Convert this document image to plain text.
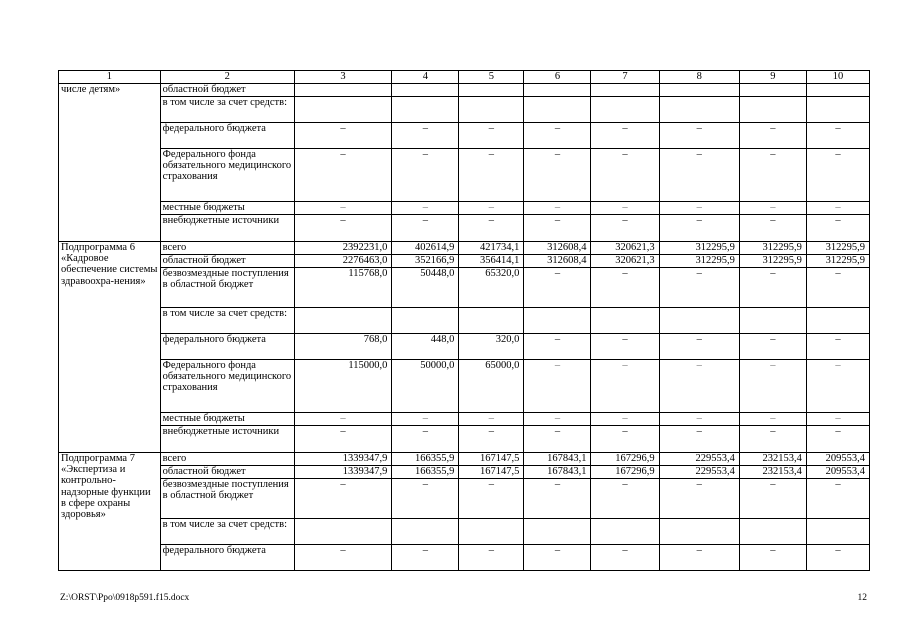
1	2	3	4	5	6	7	8	9	10
числе детям»	областной бюджет								
	в том числе за счет средств:								
	федерального бюджета	–	–	–	–	–	–	–	–
	Федерального фонда обязательного медицинского страхования	–	–	–	–	–	–	–	–
	местные бюджеты	–	–	–	–	–	–	–	–
	внебюджетные источники	–	–	–	–	–	–	–	–
Подпрограмма 6 «Кадровое обеспечение системы здравоохра-нения»	всего	2392231,0	402614,9	421734,1	312608,4	320621,3	312295,9	312295,9	312295,9
	областной бюджет	2276463,0	352166,9	356414,1	312608,4	320621,3	312295,9	312295,9	312295,9
	безвозмездные поступления в областной бюджет	115768,0	50448,0	65320,0	–	–	–	–	–
	в том числе за счет средств:								
	федерального бюджета	768,0	448,0	320,0	–	–	–	–	–
	Федерального фонда обязательного медицинского страхования	115000,0	50000,0	65000,0	–	–	–	–	–
	местные бюджеты	–	–	–	–	–	–	–	–
	внебюджетные источники	–	–	–	–	–	–	–	–
Подпрограмма 7 «Экспертиза и контрольно-надзорные функции в сфере охраны здоровья»	всего	1339347,9	166355,9	167147,5	167843,1	167296,9	229553,4	232153,4	209553,4
	областной бюджет	1339347,9	166355,9	167147,5	167843,1	167296,9	229553,4	232153,4	209553,4
	безвозмездные поступления в областной бюджет	–	–	–	–	–	–	–	–
	в том числе за счет средств:								
	федерального бюджета	–	–	–	–	–	–	–	–
Z:\ORST\Ppo\0918p591.f15.docx	12
